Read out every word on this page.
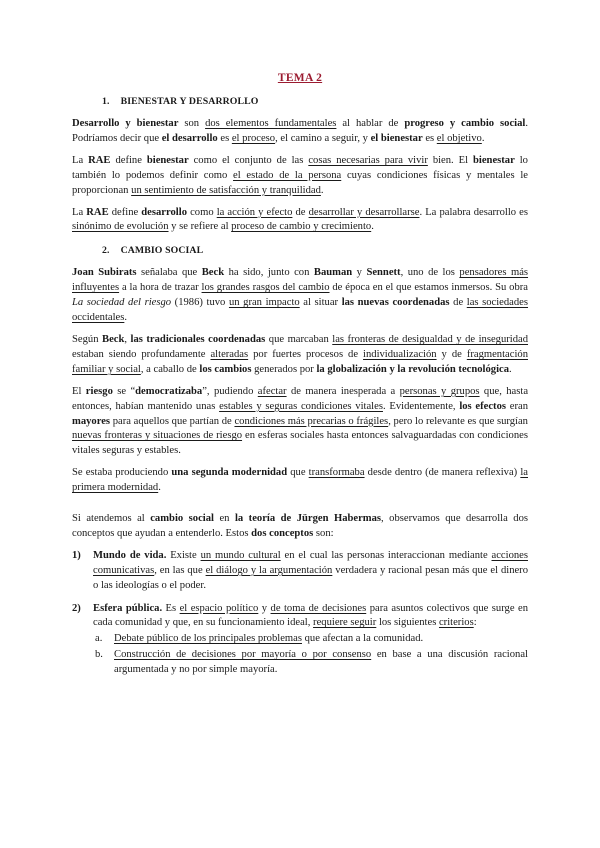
TEMA 2
1. BIENESTAR Y DESARROLLO

Desarrollo y bienestar son dos elementos fundamentales al hablar de progreso y cambio social. Podríamos decir que el desarrollo es el proceso, el camino a seguir, y el bienestar es el objetivo.

La RAE define bienestar como el conjunto de las cosas necesarias para vivir bien. El bienestar lo también lo podemos definir como el estado de la persona cuyas condiciones físicas y mentales le proporcionan un sentimiento de satisfacción y tranquilidad.

La RAE define desarrollo como la acción y efecto de desarrollar y desarrollarse. La palabra desarrollo es sinónimo de evolución y se refiere al proceso de cambio y crecimiento.

2. CAMBIO SOCIAL

Joan Subirats señalaba que Beck ha sido, junto con Bauman y Sennett, uno de los pensadores más influyentes a la hora de trazar los grandes rasgos del cambio de época en el que estamos inmersos. Su obra La sociedad del riesgo (1986) tuvo un gran impacto al situar las nuevas coordenadas de las sociedades occidentales.

Según Beck, las tradicionales coordenadas que marcaban las fronteras de desigualdad y de inseguridad estaban siendo profundamente alteradas por fuertes procesos de individualización y de fragmentación familiar y social, a caballo de los cambios generados por la globalización y la revolución tecnológica.

El riesgo se “democratizaba”, pudiendo afectar de manera inesperada a personas y grupos que, hasta entonces, habían mantenido unas estables y seguras condiciones vitales. Evidentemente, los efectos eran mayores para aquellos que partían de condiciones más precarias o frágiles, pero lo relevante es que surgían nuevas fronteras y situaciones de riesgo en esferas sociales hasta entonces salvaguardadas con condiciones vitales seguras y estables.

Se estaba produciendo una segunda modernidad que transformaba desde dentro (de manera reflexiva) la primera modernidad.

Si atendemos al cambio social en la teoría de Jürgen Habermas, observamos que desarrolla dos conceptos que ayudan a entenderlo. Estos dos conceptos son:

1) Mundo de vida. Existe un mundo cultural en el cual las personas interaccionan mediante acciones comunicativas, en las que el diálogo y la argumentación verdadera y racional pesan más que el dinero o las ideologías o el poder.
2) Esfera pública. Es el espacio político y de toma de decisiones para asuntos colectivos que surge en cada comunidad y que, en su funcionamiento ideal, requiere seguir los siguientes criterios:
a. Debate público de los principales problemas que afectan a la comunidad.
b. Construcción de decisiones por mayoría o por consenso en base a una discusión racional argumentada y no por simple mayoría.
